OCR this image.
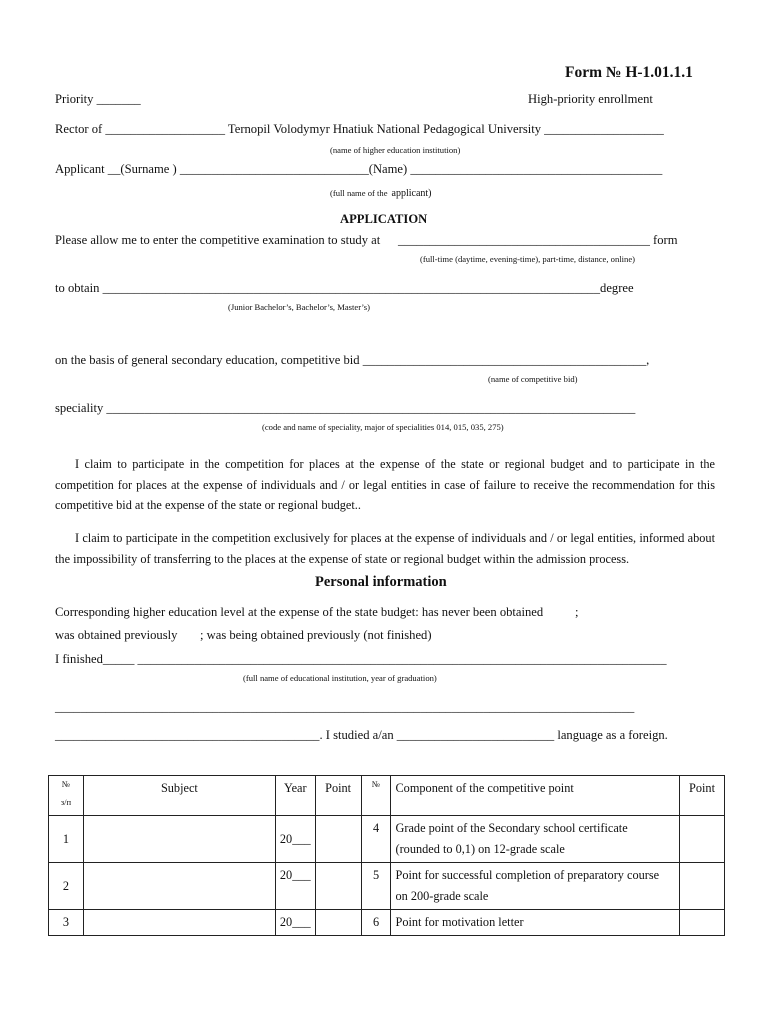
Form № H-1.01.1.1
Priority _______	High-priority enrollment
Rector of ___________________ Ternopil Volodymyr Hnatiuk National Pedagogical University ___________________
(name of higher education institution)
Applicant __(Surname ) ______________________________(Name) ________________________________________
(full name of the applicant)
APPLICATION
Please allow me to enter the competitive examination to study at ________________________________________ form
(full-time (daytime, evening-time), part-time, distance, online)
to obtain _______________________________________________________________________________degree
(Junior Bachelor’s, Bachelor’s, Master’s)
on the basis of general secondary education, competitive bid _____________________________________________,
(name of competitive bid)
speciality ____________________________________________________________________________________
(code and name of speciality, major of specialities 014, 015, 035, 275)

I claim to participate in the competition for places at the expense of the state or regional budget and to participate in the competition for places at the expense of individuals and / or legal entities in case of failure to receive the recommendation for this competitive bid at the expense of the state or regional budget..

I claim to participate in the competition exclusively for places at the expense of individuals and / or legal entities, informed about the impossibility of transferring to the places at the expense of state or regional budget within the admission process.

Personal information
Corresponding higher education level at the expense of the state budget: has never been obtained	;
was obtained previously ; was being obtained previously (not finished)
I finished_____ ____________________________________________________________________________________
(full name of educational institution, year of graduation)
____________________________________________________________________________________________
__________________________________________. I studied a/an _________________________ language as a foreign.
№
з/п	Subject	Year	Point	№	Component of the competitive point	Point
1		20___		4	Grade point of the Secondary school certificate
(rounded to 0,1) on 12-grade scale	

2		20___		5	Point for successful completion of preparatory course
on 200-grade scale	

3		20___		6	Point for motivation letter	
